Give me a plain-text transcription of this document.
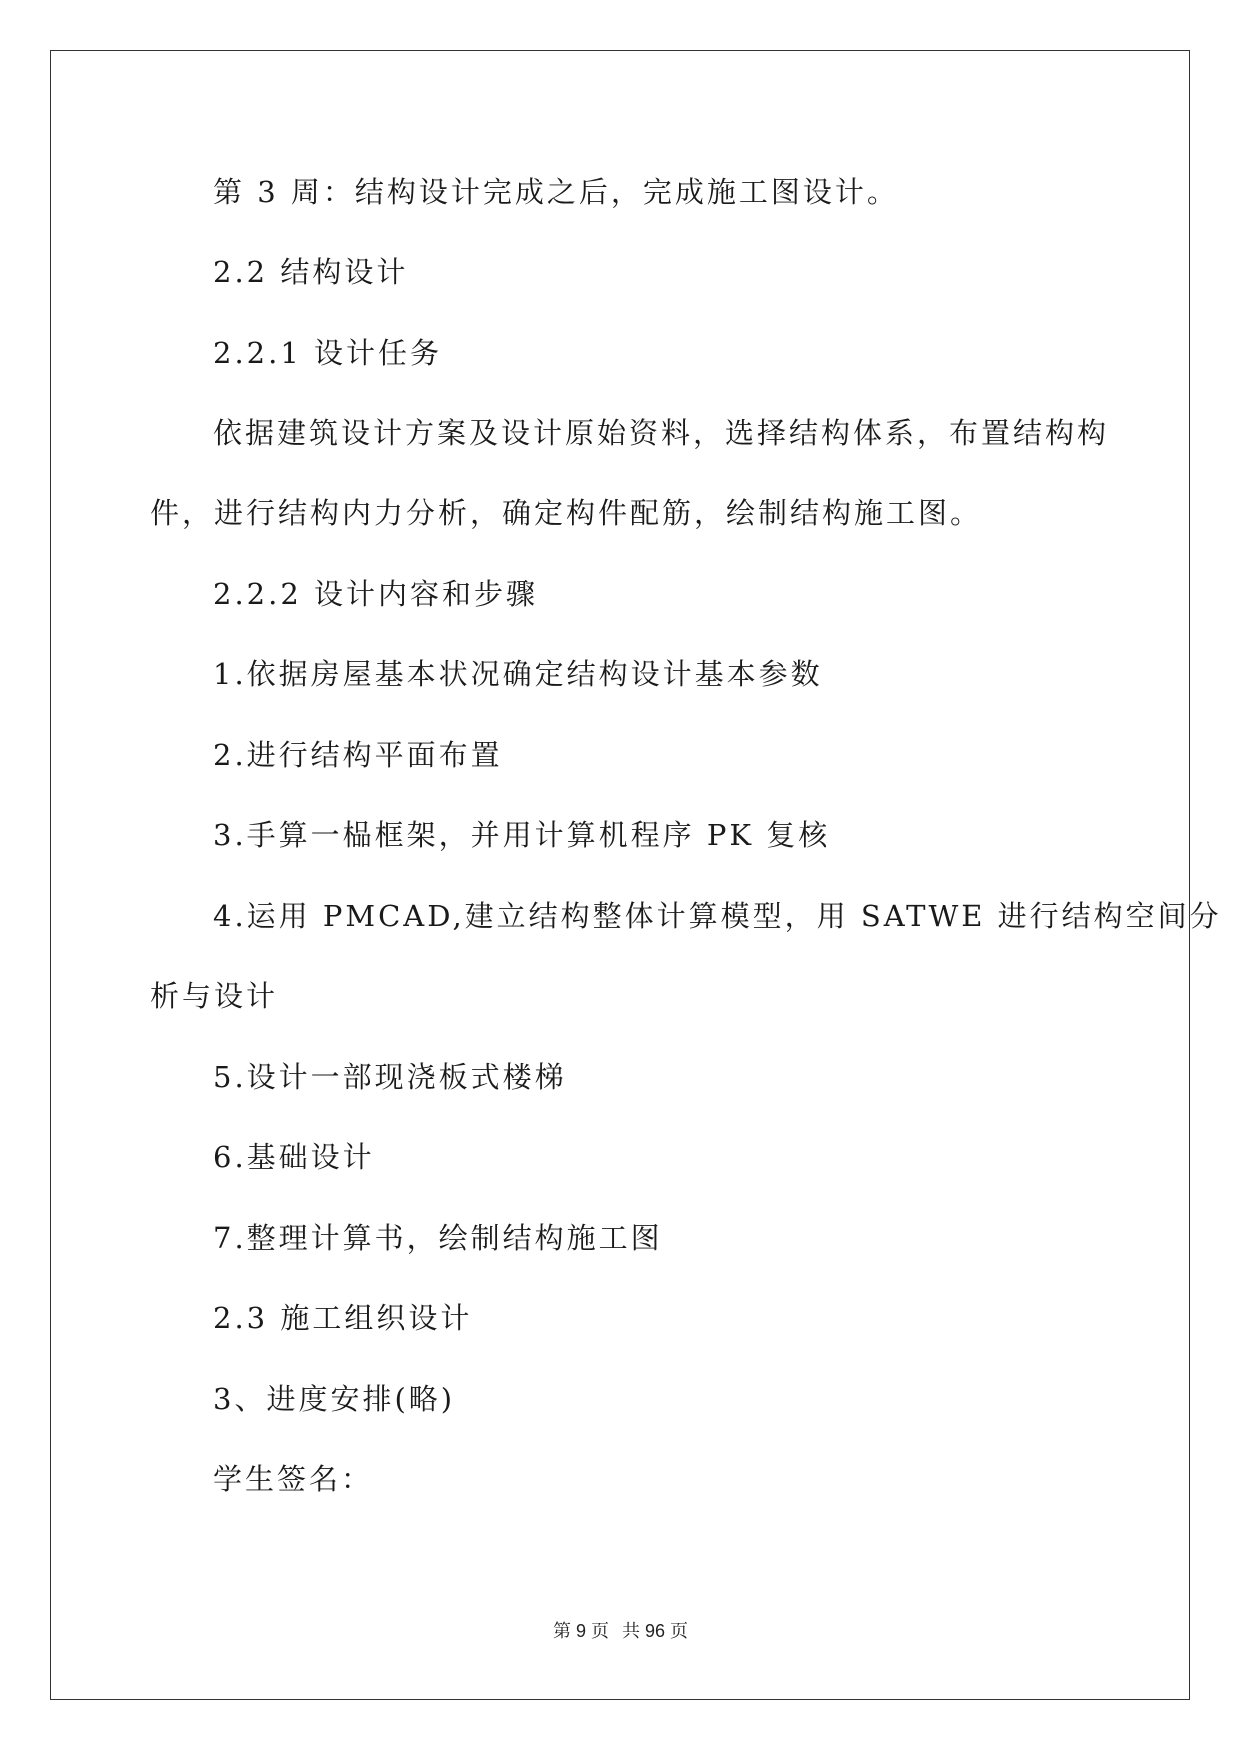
第 3 周：结构设计完成之后，完成施工图设计。
2.2 结构设计
2.2.1 设计任务
依据建筑设计方案及设计原始资料，选择结构体系，布置结构构
件，进行结构内力分析，确定构件配筋，绘制结构施工图。
2.2.2 设计内容和步骤
1.依据房屋基本状况确定结构设计基本参数
2.进行结构平面布置
3.手算一榀框架，并用计算机程序 PK 复核
4.运用 PMCAD,建立结构整体计算模型，用 SATWE 进行结构空间分
析与设计
5.设计一部现浇板式楼梯
6.基础设计
7.整理计算书，绘制结构施工图
2.3 施工组织设计
3、进度安排(略)
学生签名：
第 9 页 共 96 页
